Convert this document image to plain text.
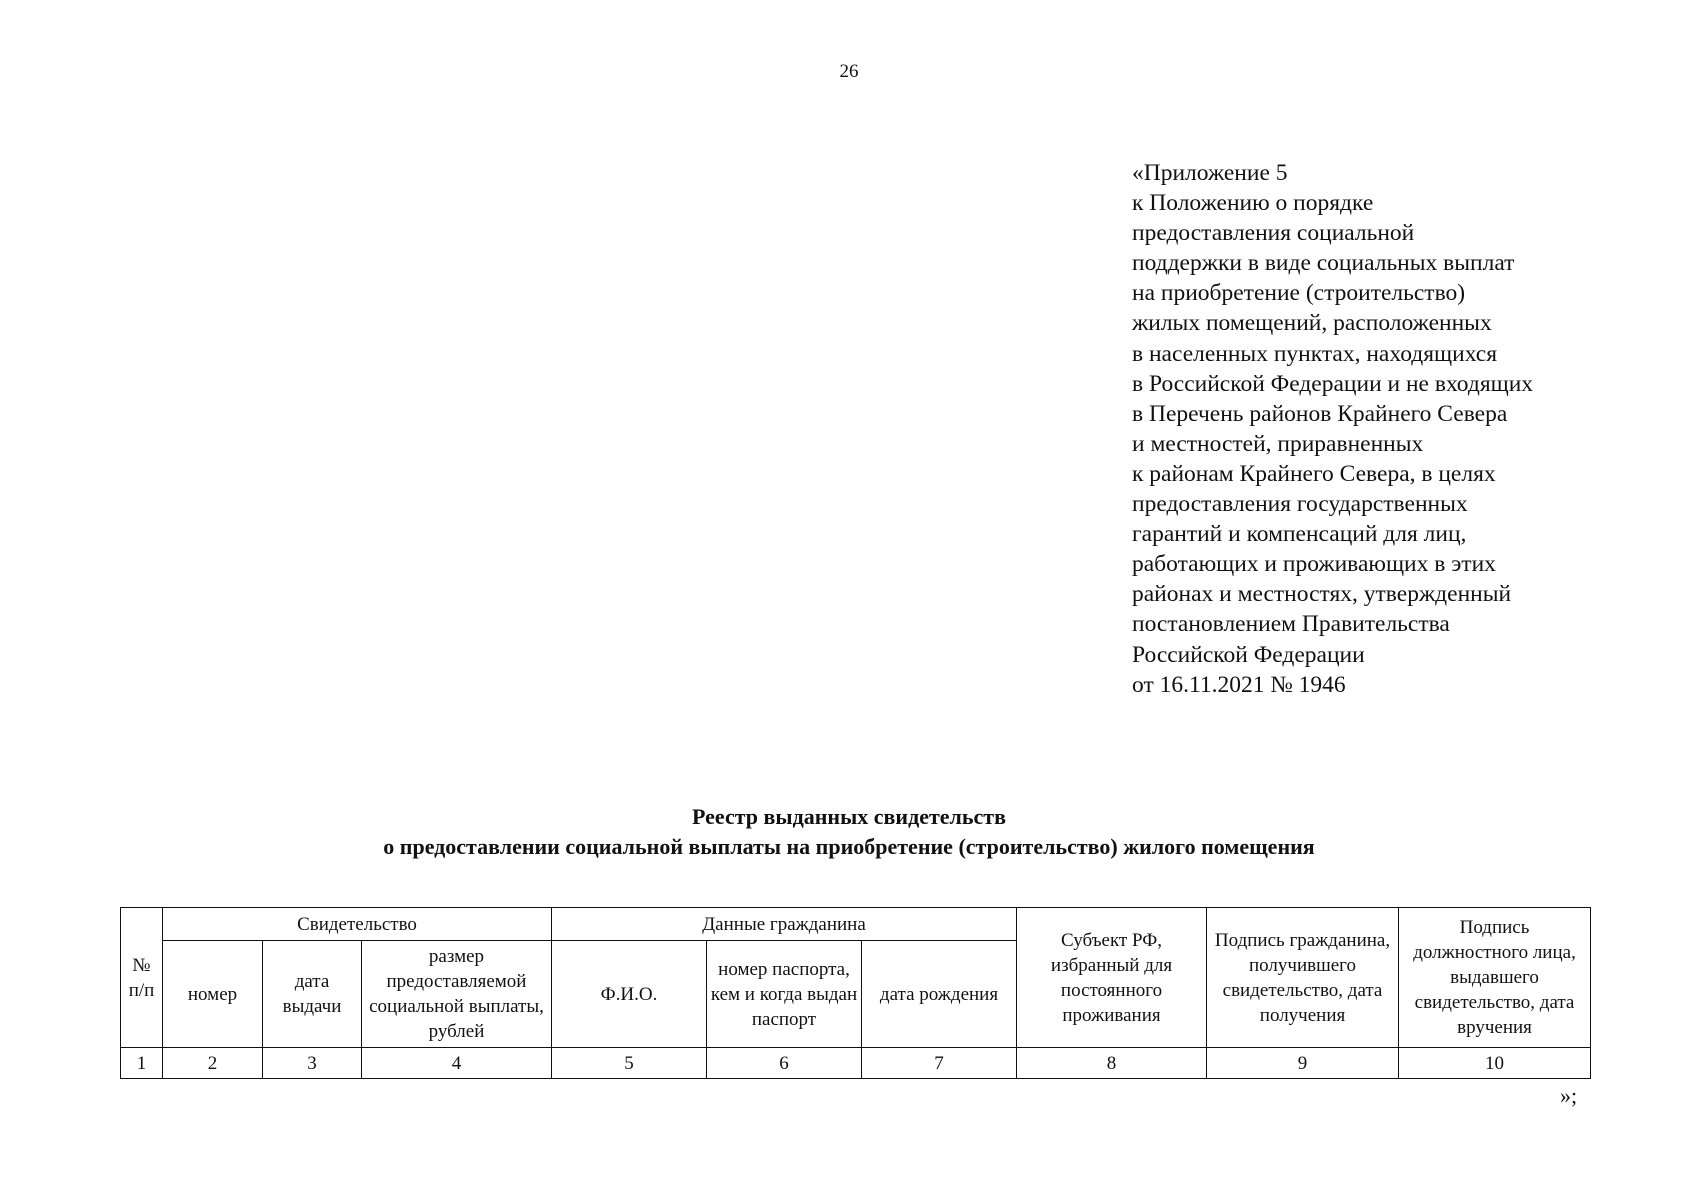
26
«Приложение 5
к Положению о порядке
предоставления социальной
поддержки в виде социальных выплат
на приобретение (строительство)
жилых помещений, расположенных
в населенных пунктах, находящихся
в Российской Федерации и не входящих
в Перечень районов Крайнего Севера
и местностей, приравненных
к районам Крайнего Севера, в целях
предоставления государственных
гарантий и компенсаций для лиц,
работающих и проживающих в этих
районах и местностях, утвержденный
постановлением Правительства
Российской Федерации
от 16.11.2021 № 1946
Реестр выданных свидетельств
о предоставлении социальной выплаты на приобретение (строительство) жилого помещения
№ п/п	Свидетельство			Данные гражданина			Субъект РФ, избранный для постоянного проживания	Подпись гражданина, получившего свидетельство, дата получения	Подпись должностного лица, выдавшего свидетельство, дата вручения
	номер	дата выдачи	размер предоставляемой социальной выплаты, рублей	Ф.И.О.	номер паспорта, кем и когда выдан паспорт	дата рождения			
1	2	3	4	5	6	7	8	9	10
»;
